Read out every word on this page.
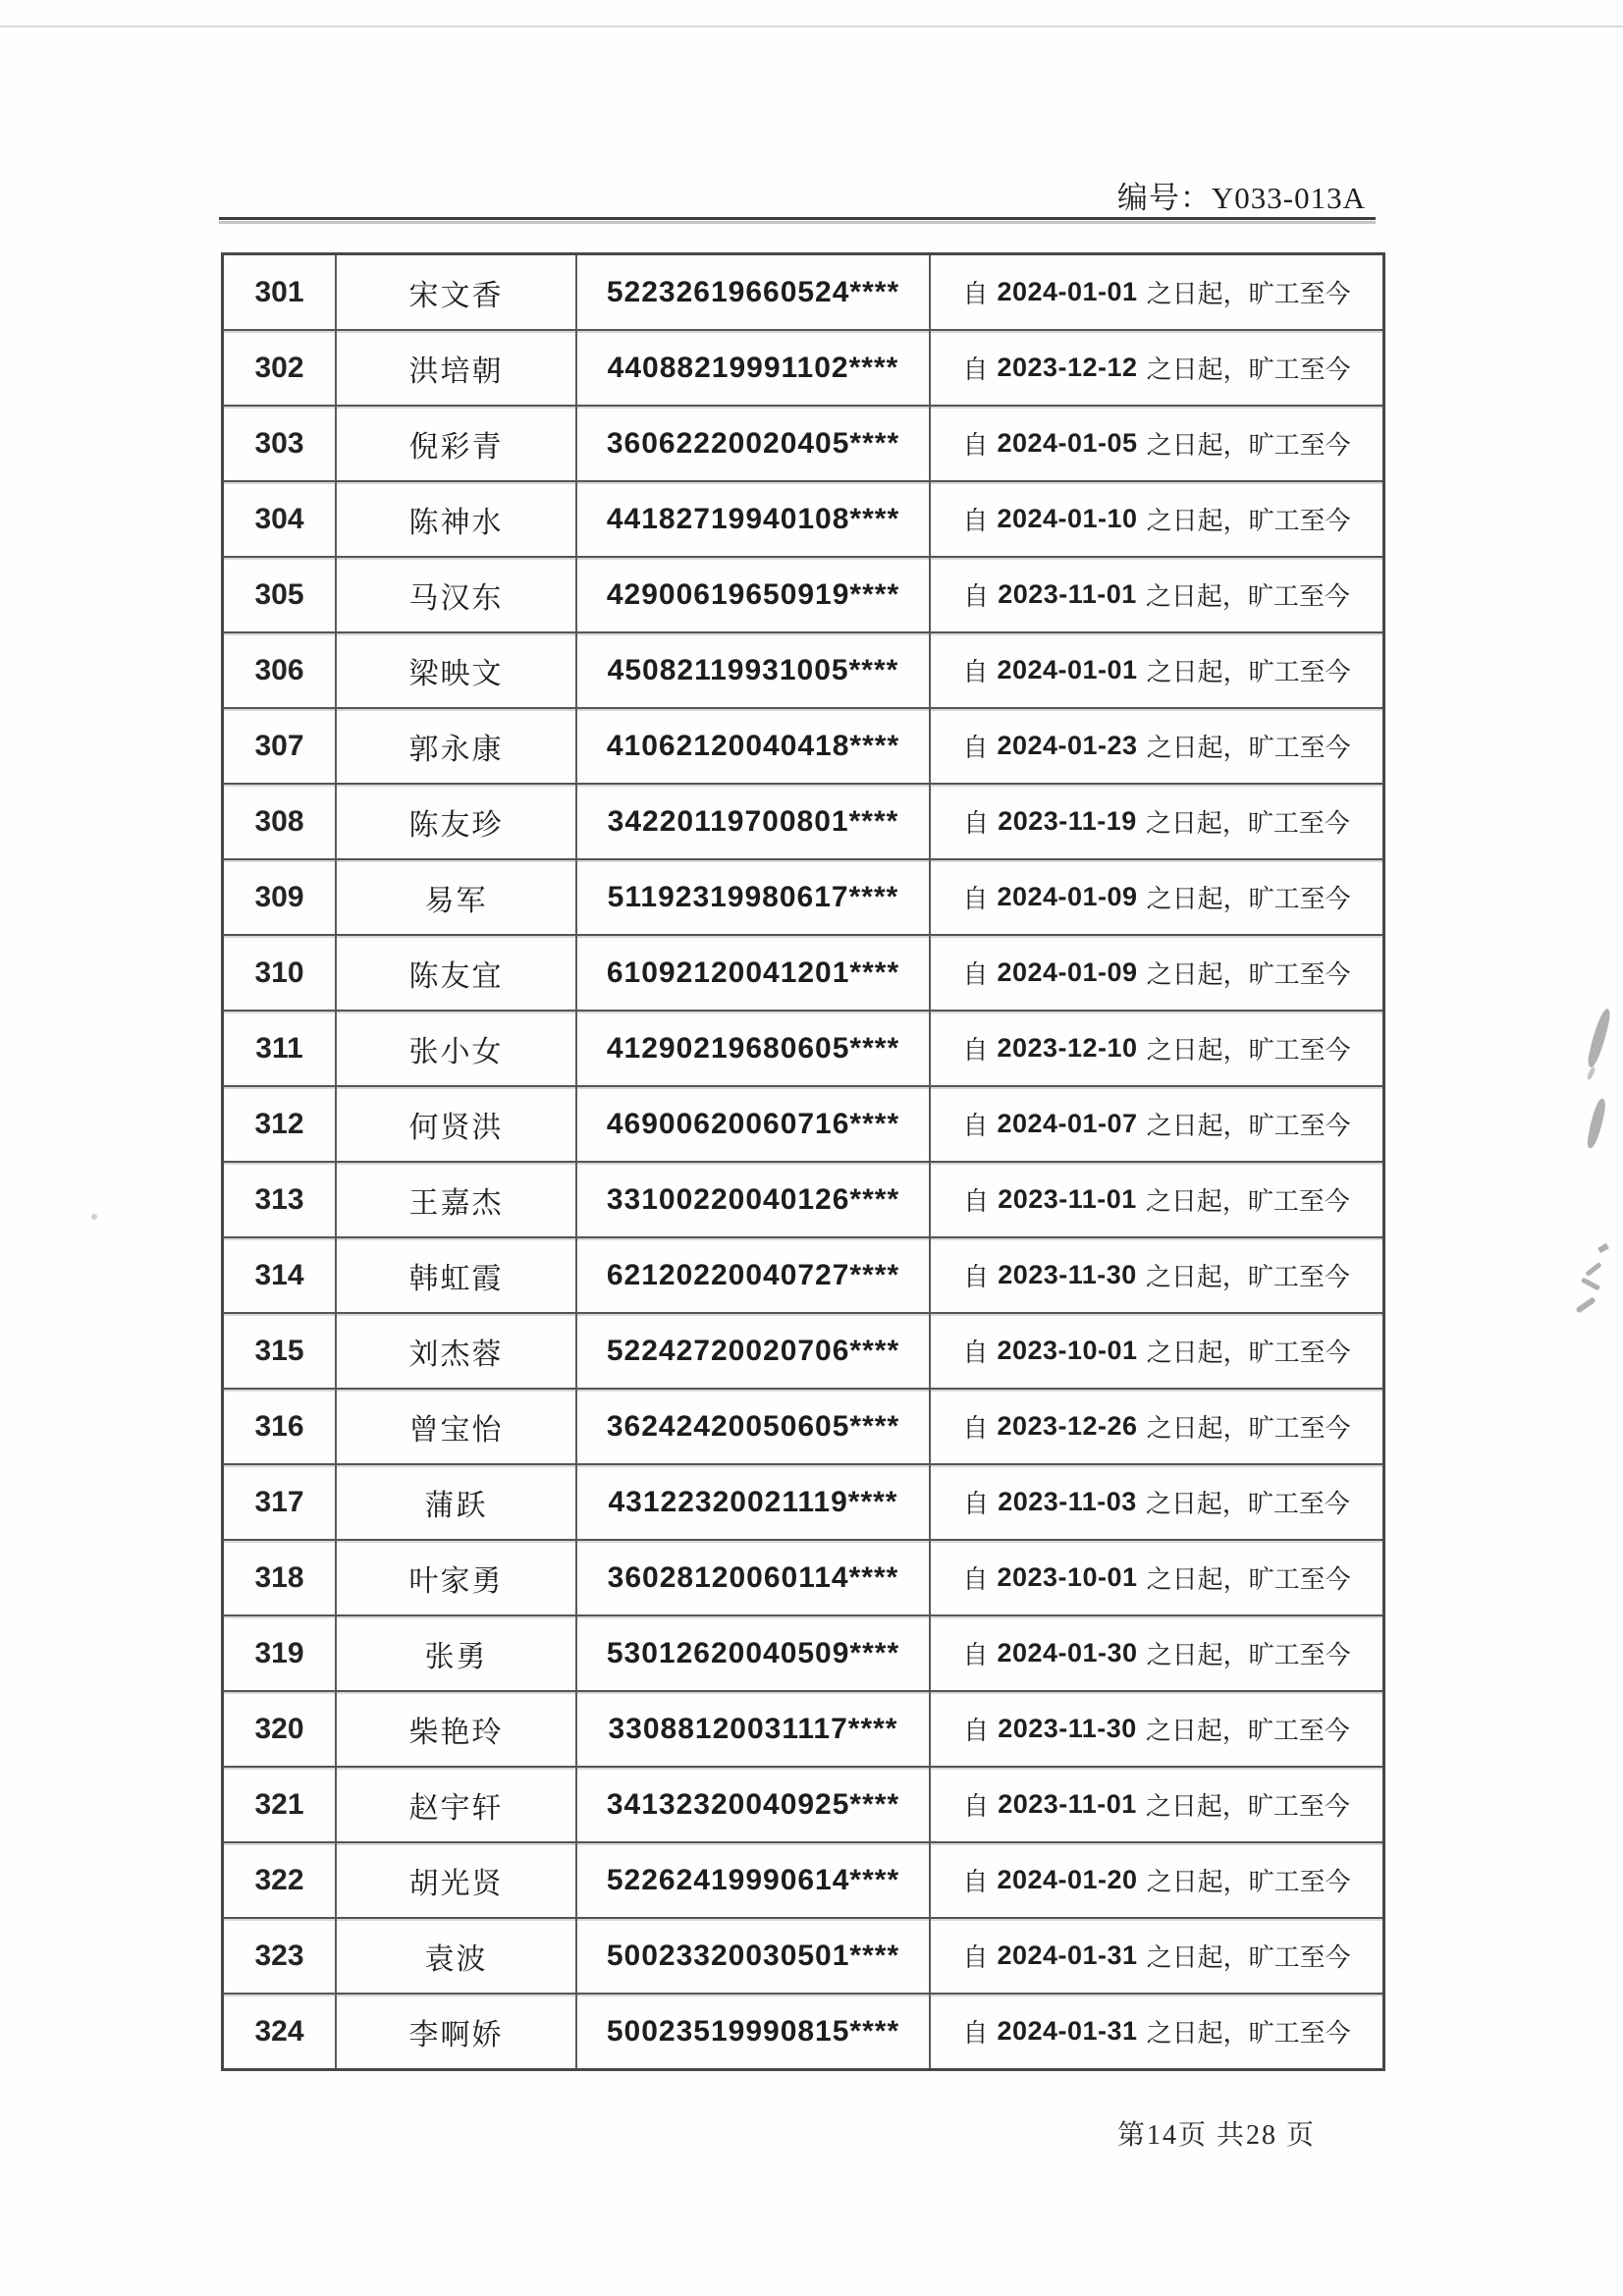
编号：Y033-013A
301	宋文香	52232619660524****	自 2024-01-01 之日起，旷工至今
302	洪培朝	44088219991102****	自 2023-12-12 之日起，旷工至今
303	倪彩青	36062220020405****	自 2024-01-05 之日起，旷工至今
304	陈神水	44182719940108****	自 2024-01-10 之日起，旷工至今
305	马汉东	42900619650919****	自 2023-11-01 之日起，旷工至今
306	梁映文	45082119931005****	自 2024-01-01 之日起，旷工至今
307	郭永康	41062120040418****	自 2024-01-23 之日起，旷工至今
308	陈友珍	34220119700801****	自 2023-11-19 之日起，旷工至今
309	易军	51192319980617****	自 2024-01-09 之日起，旷工至今
310	陈友宜	61092120041201****	自 2024-01-09 之日起，旷工至今
311	张小女	41290219680605****	自 2023-12-10 之日起，旷工至今
312	何贤洪	46900620060716****	自 2024-01-07 之日起，旷工至今
313	王嘉杰	33100220040126****	自 2023-11-01 之日起，旷工至今
314	韩虹霞	62120220040727****	自 2023-11-30 之日起，旷工至今
315	刘杰蓉	52242720020706****	自 2023-10-01 之日起，旷工至今
316	曾宝怡	36242420050605****	自 2023-12-26 之日起，旷工至今
317	蒲跃	43122320021119****	自 2023-11-03 之日起，旷工至今
318	叶家勇	36028120060114****	自 2023-10-01 之日起，旷工至今
319	张勇	53012620040509****	自 2024-01-30 之日起，旷工至今
320	柴艳玲	33088120031117****	自 2023-11-30 之日起，旷工至今
321	赵宇轩	34132320040925****	自 2023-11-01 之日起，旷工至今
322	胡光贤	52262419990614****	自 2024-01-20 之日起，旷工至今
323	袁波	50023320030501****	自 2024-01-31 之日起，旷工至今
324	李啊娇	50023519990815****	自 2024-01-31 之日起，旷工至今
第14页 共28 页
